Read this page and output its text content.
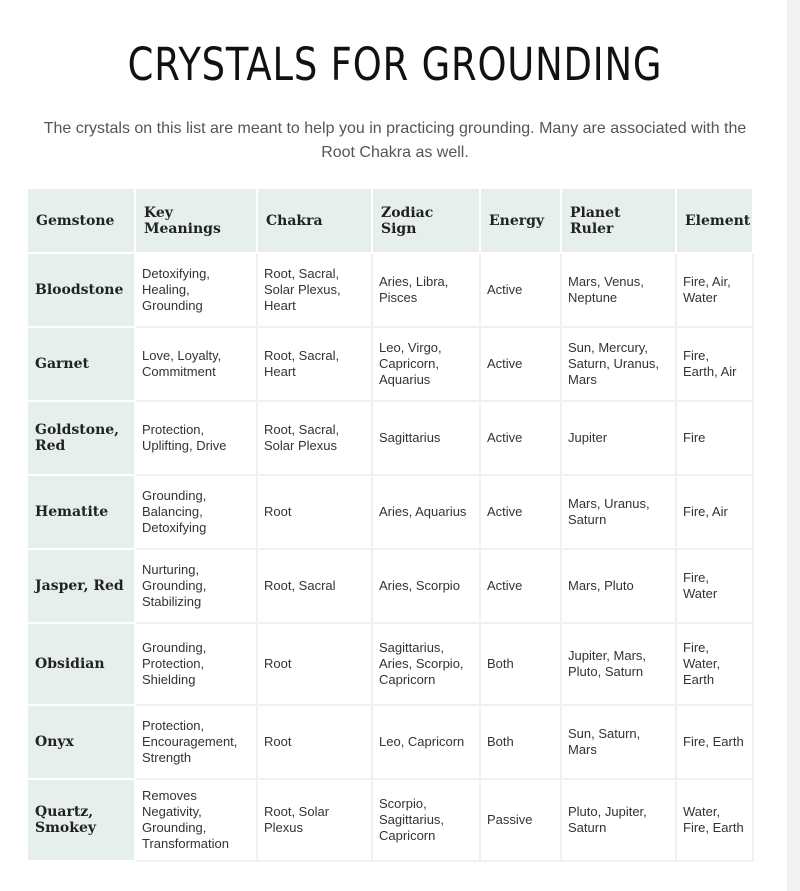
CRYSTALS FOR GROUNDING
The crystals on this list are meant to help you in practicing grounding. Many are associated with the Root Chakra as well.
Gemstone	Key Meanings	Chakra	Zodiac Sign	Energy	Planet Ruler	Element
Bloodstone	Detoxifying, Healing, Grounding	Root, Sacral, Solar Plexus, Heart	Aries, Libra, Pisces	Active	Mars, Venus, Neptune	Fire, Air, Water
Garnet	Love, Loyalty, Commitment	Root, Sacral, Heart	Leo, Virgo, Capricorn, Aquarius	Active	Sun, Mercury, Saturn, Uranus, Mars	Fire, Earth, Air
Goldstone, Red	Protection, Uplifting, Drive	Root, Sacral, Solar Plexus	Sagittarius	Active	Jupiter	Fire
Hematite	Grounding, Balancing, Detoxifying	Root	Aries, Aquarius	Active	Mars, Uranus, Saturn	Fire, Air
Jasper, Red	Nurturing, Grounding, Stabilizing	Root, Sacral	Aries, Scorpio	Active	Mars, Pluto	Fire, Water
Obsidian	Grounding, Protection, Shielding	Root	Sagittarius, Aries, Scorpio, Capricorn	Both	Jupiter, Mars, Pluto, Saturn	Fire, Water, Earth
Onyx	Protection, Encouragement, Strength	Root	Leo, Capricorn	Both	Sun, Saturn, Mars	Fire, Earth
Quartz, Smokey	Removes Negativity, Grounding, Transformation	Root, Solar Plexus	Scorpio, Sagittarius, Capricorn	Passive	Pluto, Jupiter, Saturn	Water, Fire, Earth
